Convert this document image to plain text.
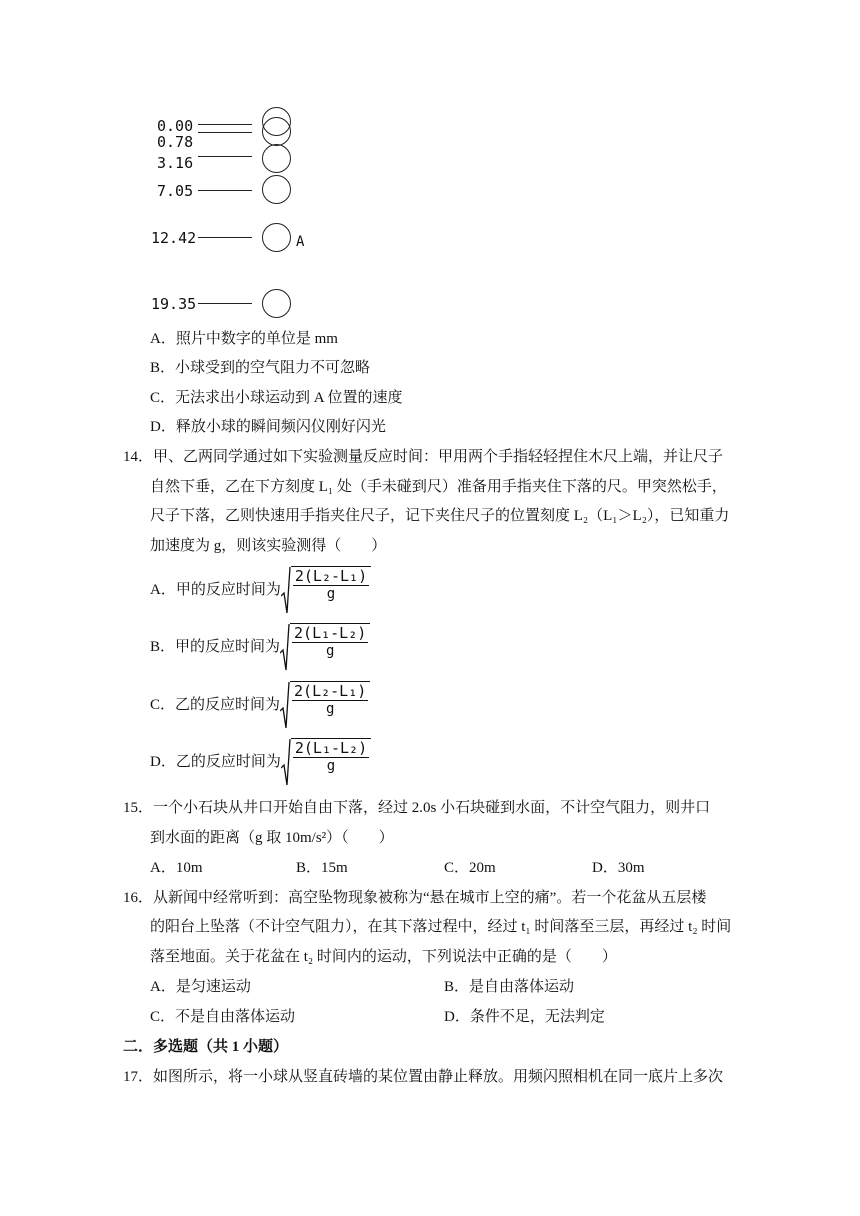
0.00
0.78
3.16
7.05
12.42
19.35
A
A．照片中数字的单位是 mm
B．小球受到的空气阻力不可忽略
C．无法求出小球运动到 A 位置的速度
D．释放小球的瞬间频闪仪刚好闪光
14．甲、乙两同学通过如下实验测量反应时间：甲用两个手指轻轻捏住木尺上端，并让尺子
自然下垂，乙在下方刻度 L₁ 处（手未碰到尺）准备用手指夹住下落的尺。甲突然松手，
尺子下落，乙则快速用手指夹住尺子，记下夹住尺子的位置刻度 L₂（L₁＞L₂），已知重力
加速度为 g，则该实验测得（　　）
A． 甲的反应时间为 $\frac{\text{2(L₂-L₁)}}{g}$
B． 甲的反应时间为 $\frac{\text{2(L₁-L₂)}}{g}$
C． 乙的反应时间为 $\frac{\text{2(L₂-L₁)}}{g}$
D． 乙的反应时间为 $\frac{\text{2(L₁-L₂)}}{g}$
15．一个小石块从井口开始自由下落，经过 2.0s 小石块碰到水面，不计空气阻力，则井口
到水面的距离（g 取 10m/s²）（　　）
A．10m	B．15m	C．20m	D．30m
16．从新闻中经常听到：高空坠物现象被称为“悬在城市上空的痛”。若一个花盆从五层楼
的阳台上坠落（不计空气阻力），在其下落过程中，经过 t₁ 时间落至三层，再经过 t₂ 时间
落至地面。关于花盆在 t₂ 时间内的运动，下列说法中正确的是（　　）
A．是匀速运动	B．是自由落体运动
C．不是自由落体运动	D．条件不足，无法判定
二．多选题（共 1 小题）
17．如图所示，将一小球从竖直砖墙的某位置由静止释放。用频闪照相机在同一底片上多次
